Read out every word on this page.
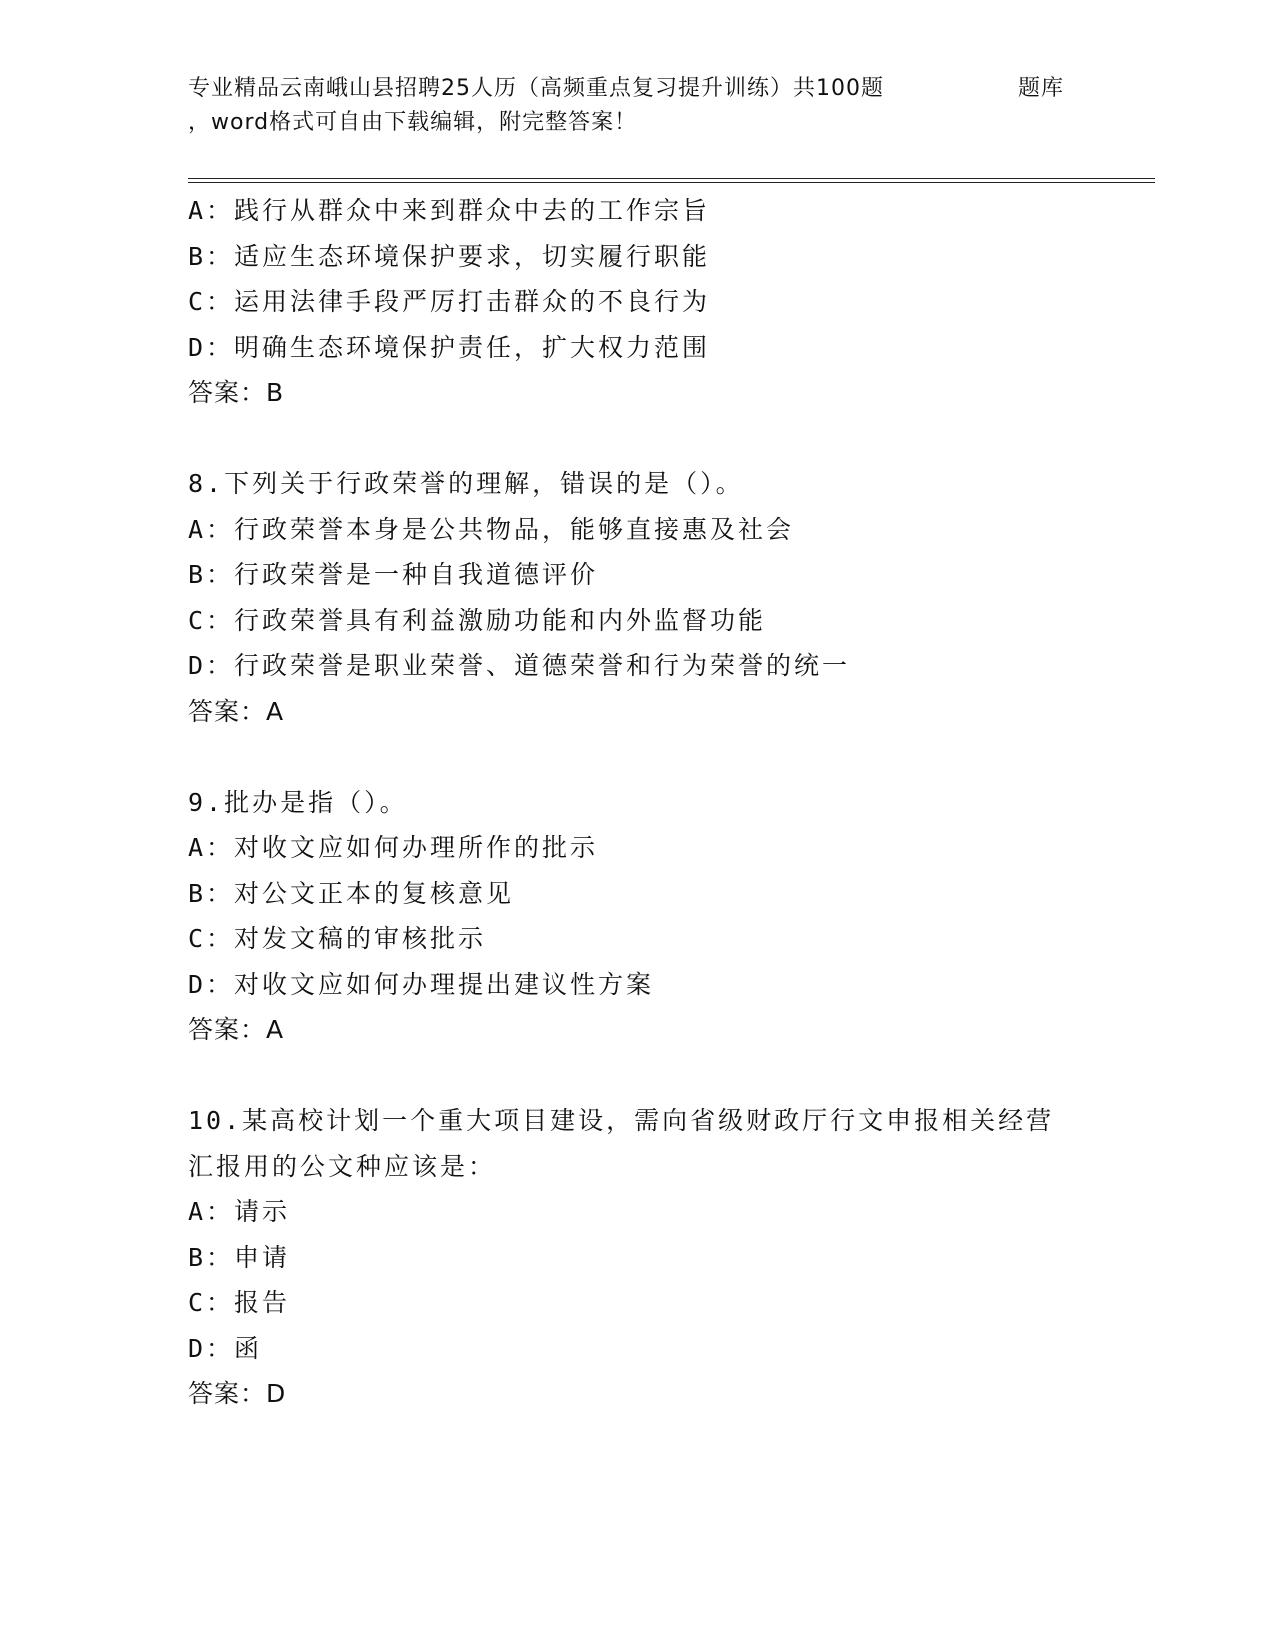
专业精品云南峨山县招聘25人历（高频重点复习提升训练）共100题	题库
，word格式可自由下载编辑，附完整答案！
A：践行从群众中来到群众中去的工作宗旨
B：适应生态环境保护要求，切实履行职能
C：运用法律手段严厉打击群众的不良行为
D：明确生态环境保护责任，扩大权力范围
答案：B
8.下列关于行政荣誉的理解，错误的是（）。
A：行政荣誉本身是公共物品，能够直接惠及社会
B：行政荣誉是一种自我道德评价
C：行政荣誉具有利益激励功能和内外监督功能
D：行政荣誉是职业荣誉、道德荣誉和行为荣誉的统一
答案：A
9.批办是指（）。
A：对收文应如何办理所作的批示
B：对公文正本的复核意见
C：对发文稿的审核批示
D：对收文应如何办理提出建议性方案
答案：A
10.某高校计划一个重大项目建设，需向省级财政厅行文申报相关经营
汇报用的公文种应该是：
A：请示
B：申请
C：报告
D：函
答案：D
